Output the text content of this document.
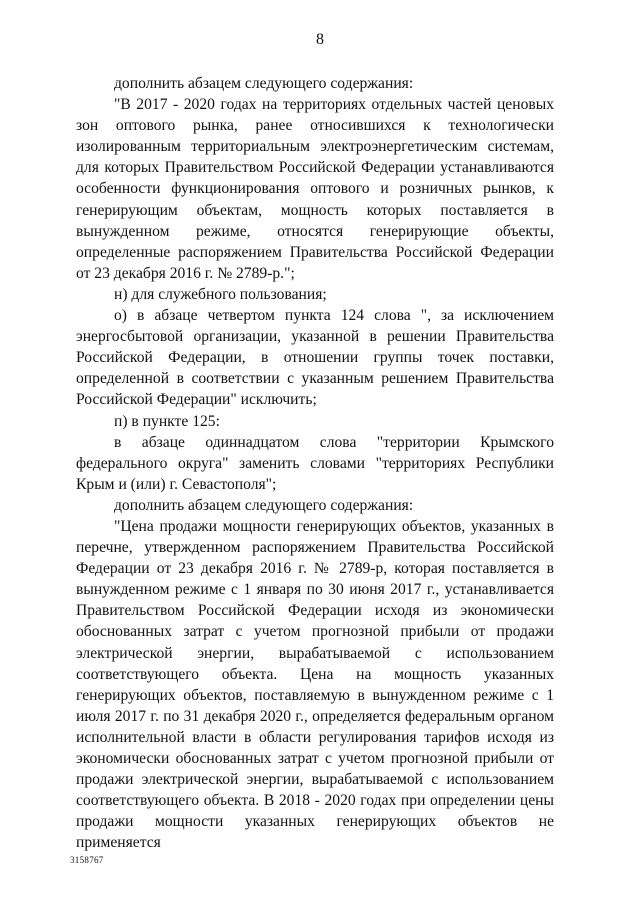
8

дополнить абзацем следующего содержания:

"В 2017 - 2020 годах на территориях отдельных частей ценовых зон оптового рынка, ранее относившихся к технологически изолированным территориальным электроэнергетическим системам, для которых Правительством Российской Федерации устанавливаются особенности функционирования оптового и розничных рынков, к генерирующим объектам, мощность которых поставляется в вынужденном режиме, относятся генерирующие объекты, определенные распоряжением Правительства Российской Федерации от 23 декабря 2016 г. № 2789-р.";

н) для служебного пользования;

о) в абзаце четвертом пункта 124 слова ", за исключением энергосбытовой организации, указанной в решении Правительства Российской Федерации, в отношении группы точек поставки, определенной в соответствии с указанным решением Правительства Российской Федерации" исключить;

п) в пункте 125:

в абзаце одиннадцатом слова "территории Крымского федерального округа" заменить словами "территориях Республики Крым и (или) г. Севастополя";

дополнить абзацем следующего содержания:

"Цена продажи мощности генерирующих объектов, указанных в перечне, утвержденном распоряжением Правительства Российской Федерации от 23 декабря 2016 г. № 2789-р, которая поставляется в вынужденном режиме с 1 января по 30 июня 2017 г., устанавливается Правительством Российской Федерации исходя из экономически обоснованных затрат с учетом прогнозной прибыли от продажи электрической энергии, вырабатываемой с использованием соответствующего объекта. Цена на мощность указанных генерирующих объектов, поставляемую в вынужденном режиме с 1 июля 2017 г. по 31 декабря 2020 г., определяется федеральным органом исполнительной власти в области регулирования тарифов исходя из экономически обоснованных затрат с учетом прогнозной прибыли от продажи электрической энергии, вырабатываемой с использованием соответствующего объекта. В 2018 - 2020 годах при определении цены продажи мощности указанных генерирующих объектов не применяется

3158767
